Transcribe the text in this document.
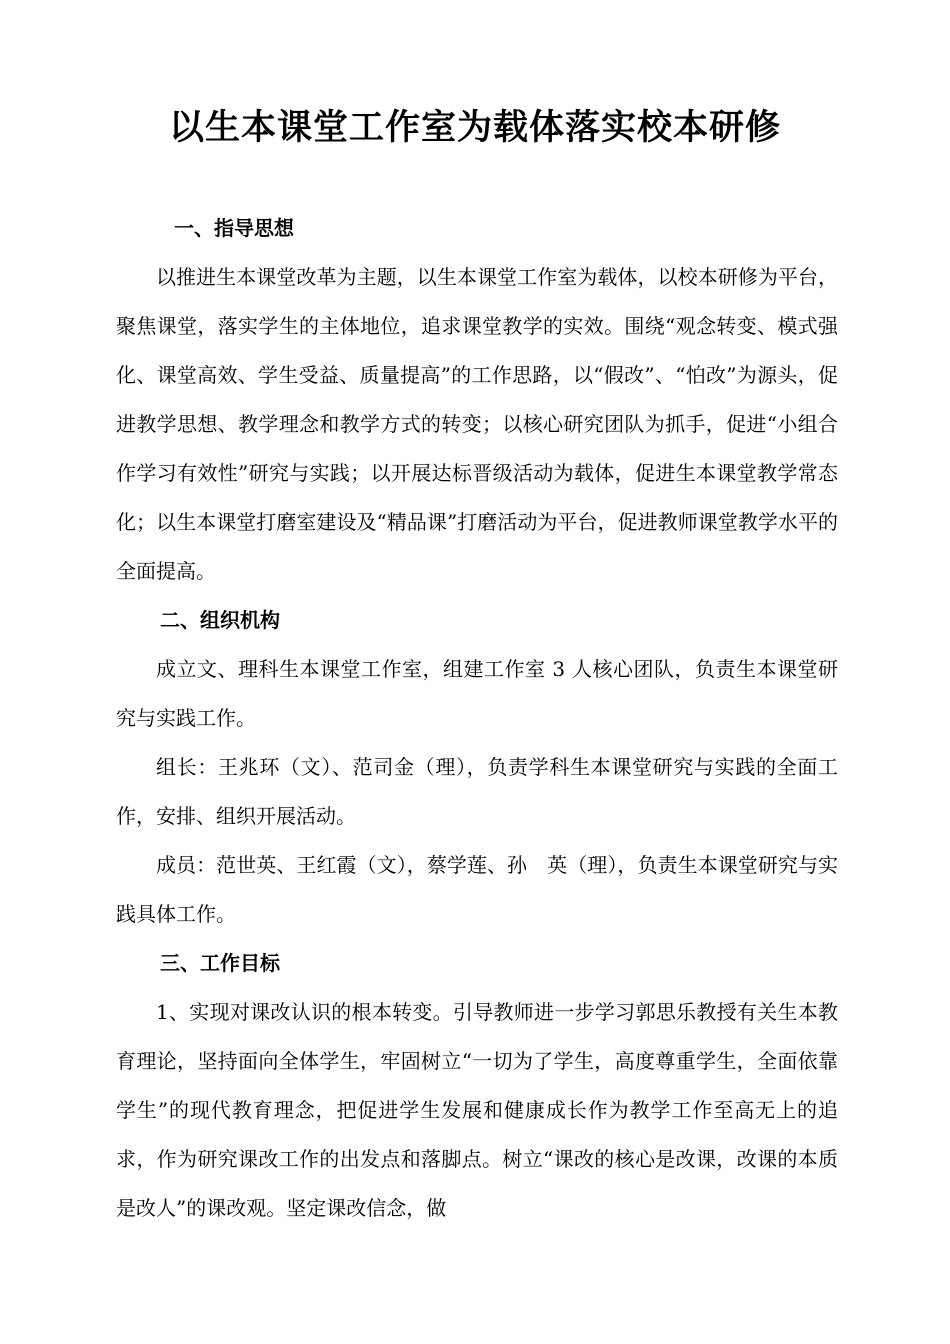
以生本课堂工作室为载体落实校本研修
一、指导思想

以推进生本课堂改革为主题，以生本课堂工作室为载体，以校本研修为平台，聚焦课堂，落实学生的主体地位，追求课堂教学的实效。围绕“观念转变、模式强化、课堂高效、学生受益、质量提高”的工作思路，以“假改”、“怕改”为源头，促进教学思想、教学理念和教学方式的转变；以核心研究团队为抓手，促进“小组合作学习有效性”研究与实践；以开展达标晋级活动为载体，促进生本课堂教学常态化；以生本课堂打磨室建设及“精品课”打磨活动为平台，促进教师课堂教学水平的全面提高。

二、组织机构

成立文、理科生本课堂工作室，组建工作室 3 人核心团队，负责生本课堂研究与实践工作。

组长：王兆环（文）、范司金（理），负责学科生本课堂研究与实践的全面工作，安排、组织开展活动。

成员：范世英、王红霞（文），蔡学莲、孙　英（理），负责生本课堂研究与实践具体工作。

三、工作目标

1、实现对课改认识的根本转变。引导教师进一步学习郭思乐教授有关生本教育理论，坚持面向全体学生，牢固树立“一切为了学生，高度尊重学生，全面依靠学生”的现代教育理念，把促进学生发展和健康成长作为教学工作至高无上的追求，作为研究课改工作的出发点和落脚点。树立“课改的核心是改课，改课的本质是改人”的课改观。坚定课改信念，做
